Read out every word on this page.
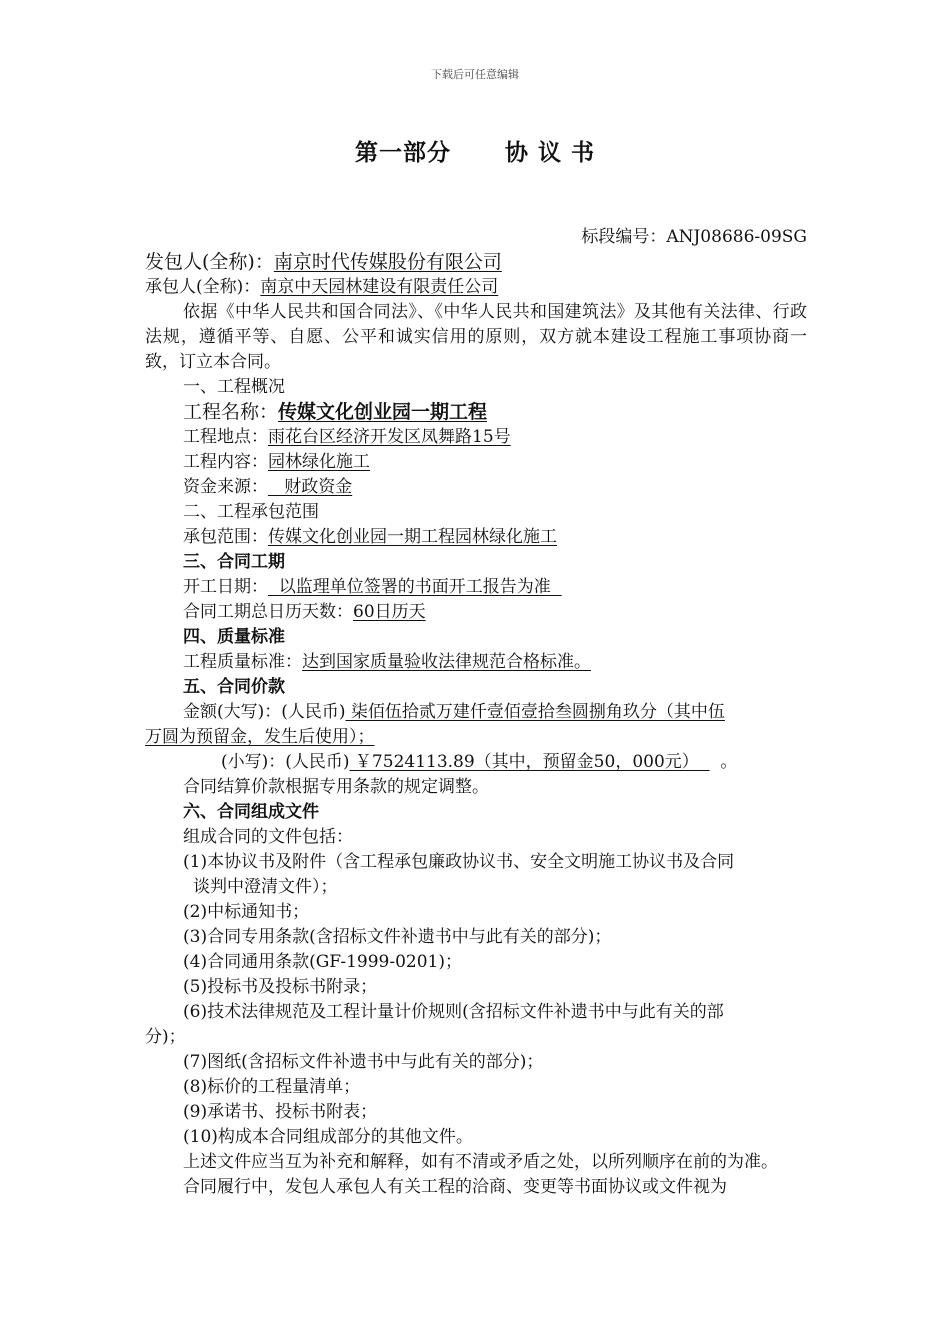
下载后可任意编辑
第一部分 协 议 书
标段编号：ANJ08686-09SG
发包人(全称)：南京时代传媒股份有限公司
承包人(全称)：南京中天园林建设有限责任公司
依据《中华人民共和国合同法》、《中华人民共和国建筑法》及其他有关法律、行政法规，遵循平等、自愿、公平和诚实信用的原则，双方就本建设工程施工事项协商一致，订立本合同。
一、工程概况
工程名称：传媒文化创业园一期工程
工程地点：雨花台区经济开发区凤舞路15号
工程内容：园林绿化施工
资金来源：   财政资金
二、工程承包范围
承包范围：传媒文化创业园一期工程园林绿化施工
三、合同工期
开工日期：  以监理单位签署的书面开工报告为准
合同工期总日历天数：60日历天
四、质量标准
工程质量标准：达到国家质量验收法律规范合格标准。
五、合同价款
金额(大写)：(人民币) 柒佰伍拾贰万建仟壹佰壹拾叁圆捌角玖分（其中伍
万圆为预留金，发生后使用）；
(小写)：(人民币) ￥7524113.89（其中，预留金50，000元）    。
合同结算价款根据专用条款的规定调整。
六、合同组成文件
组成合同的文件包括：
(1)本协议书及附件（含工程承包廉政协议书、安全文明施工协议书及合同
谈判中澄清文件）；
(2)中标通知书；
(3)合同专用条款(含招标文件补遗书中与此有关的部分)；
(4)合同通用条款(GF-1999-0201)；
(5)投标书及投标书附录；
(6)技术法律规范及工程计量计价规则(含招标文件补遗书中与此有关的部
分)；
(7)图纸(含招标文件补遗书中与此有关的部分)；
(8)标价的工程量清单；
(9)承诺书、投标书附表；
(10)构成本合同组成部分的其他文件。
上述文件应当互为补充和解释，如有不清或矛盾之处，以所列顺序在前的为准。
合同履行中，发包人承包人有关工程的洽商、变更等书面协议或文件视为
